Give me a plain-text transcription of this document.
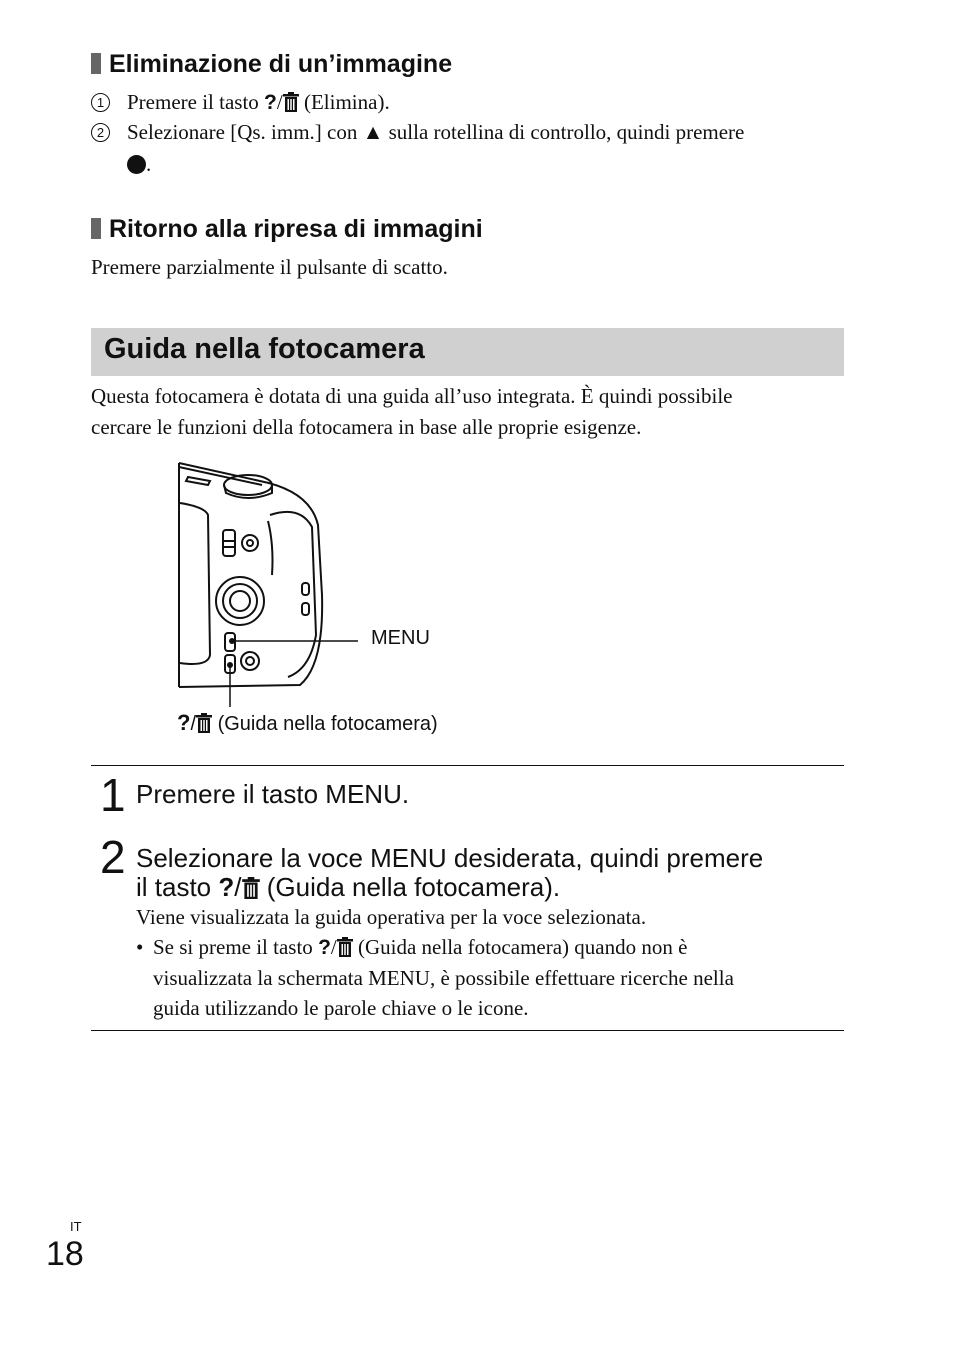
Eliminazione di un’immagine
1 Premere il tasto ?/ (Elimina).
2 Selezionare [Qs. imm.] con ▲ sulla rotellina di controllo, quindi premere
.
Ritorno alla ripresa di immagini
Premere parzialmente il pulsante di scatto.
Guida nella fotocamera
Questa fotocamera è dotata di una guida all’uso integrata. È quindi possibile
cercare le funzioni della fotocamera in base alle proprie esigenze.
MENU
?/ (Guida nella fotocamera)
1 Premere il tasto MENU.
2 Selezionare la voce MENU desiderata, quindi premere
il tasto ?/ (Guida nella fotocamera).
Viene visualizzata la guida operativa per la voce selezionata.
• Se si preme il tasto ?/ (Guida nella fotocamera) quando non è
visualizzata la schermata MENU, è possibile effettuare ricerche nella
guida utilizzando le parole chiave o le icone.
IT
18
